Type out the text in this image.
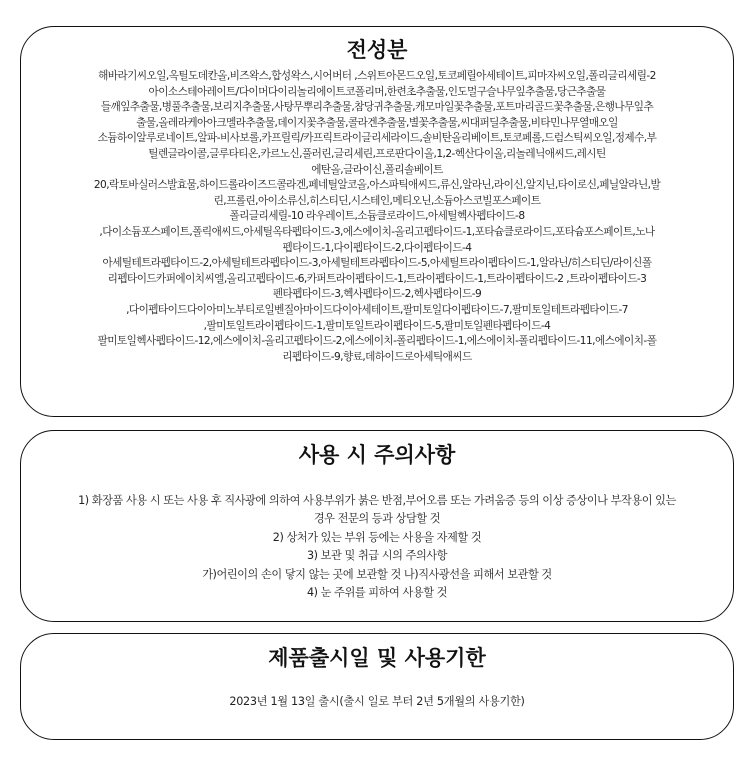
전성분
해바라기씨오일,옥틸도데칸올,비즈왁스,합성왁스,시어버터 ,스위트아몬드오일,토코페릴아세테이트,피마자씨오일,폴리글리세릴-2
아이소스테아레이트/다이머다이리놀리에이트코폴리머,한련초추출물,인도멀구슬나무잎추출물,당근추출물
들깨잎추출물,병풀추출물,보리지추출물,사탕무뿌리추출물,참당귀추출물,캐모마일꽃추출물,포트마리골드꽃추출물,은행나무잎추
출물,올레라케아아크멜라추출물,데이지꽃추출물,콜라겐추출물,별꽃추출물,씨대퍼딜추출물,비타민나무열매오일
소듐하이알루로네이트,알파-비사보롤,카프릴릭/카프릭트라이글리세라이드,솔비탄올리베이트,토코페롤,드럼스틱씨오일,정제수,부
틸렌글라이콜,글루타티온,카르노신,풀러린,글리세린,프로판다이올,1,2-헥산다이올,리놀레닉애씨드,레시틴
에탄올,글라이신,폴리솔베이트
20,락토바실러스발효물,하이드롤라이즈드콜라겐,페네틸알코올,아스파틱애씨드,류신,알라닌,라이신,알지닌,타이로신,페닐알라닌,발
린,프롤린,아이소류신,히스티딘,시스테인,메티오닌,소듐아스코빌포스페이트
폴리글리세릴-10 라우레이트,소듐클로라이드,아세틸헥사펩타이드-8
,다이소듐포스페이트,폴릭애씨드,아세틸옥타펩타이드-3,에스에이치-올리고펩타이드-1,포타슘클로라이드,포타슘포스페이트,노나
펩타이드-1,다이펩타이드-2,다이펩타이드-4
아세틸테트라펩타이드-2,아세틸테트라펩타이드-3,아세틸테트라펩타이드-5,아세틸트라이펩타이드-1,알라닌/히스티딘/라이신폴
리펩타이드카퍼에이치씨엘,올리고펩타이드-6,카퍼트라이펩타이드-1,트라이펩타이드-1,트라이펩타이드-2 ,트라이펩타이드-3
펜타펩타이드-3,헥사펩타이드-2,헥사펩타이드-9
,다이펩타이드다이아미노부티로일벤질아마이드다이아세테이트,팔미토일다이펩타이드-7,팔미토일테트라펩타이드-7
,팔미토일트라이펩타이드-1,팔미토일트라이펩타이드-5,팔미토일펜타펩타이드-4
팔미토일헥사펩타이드-12,에스에이치-올리고펩타이드-2,에스에이치-폴리펩타이드-1,에스에이치-폴리펩타이드-11,에스에이치-폴
리펩타이드-9,향료,데하이드로아세틱애씨드
사용 시 주의사항
1) 화장품 사용 시 또는 사용 후 직사광에 의하여 사용부위가 붉은 반점,부어오름 또는 가려움증 등의 이상 증상이나 부작용이 있는
경우 전문의 등과 상담할 것
2) 상처가 있는 부위 등에는 사용을 자제할 것
3) 보관 및 취급 시의 주의사항
가)어린이의 손이 닿지 않는 곳에 보관할 것 나)직사광선을 피해서 보관할 것
4) 눈 주위를 피하여 사용할 것
제품출시일 및 사용기한
2023년 1월 13일 출시(출시 일로 부터 2년 5개월의 사용기한)
